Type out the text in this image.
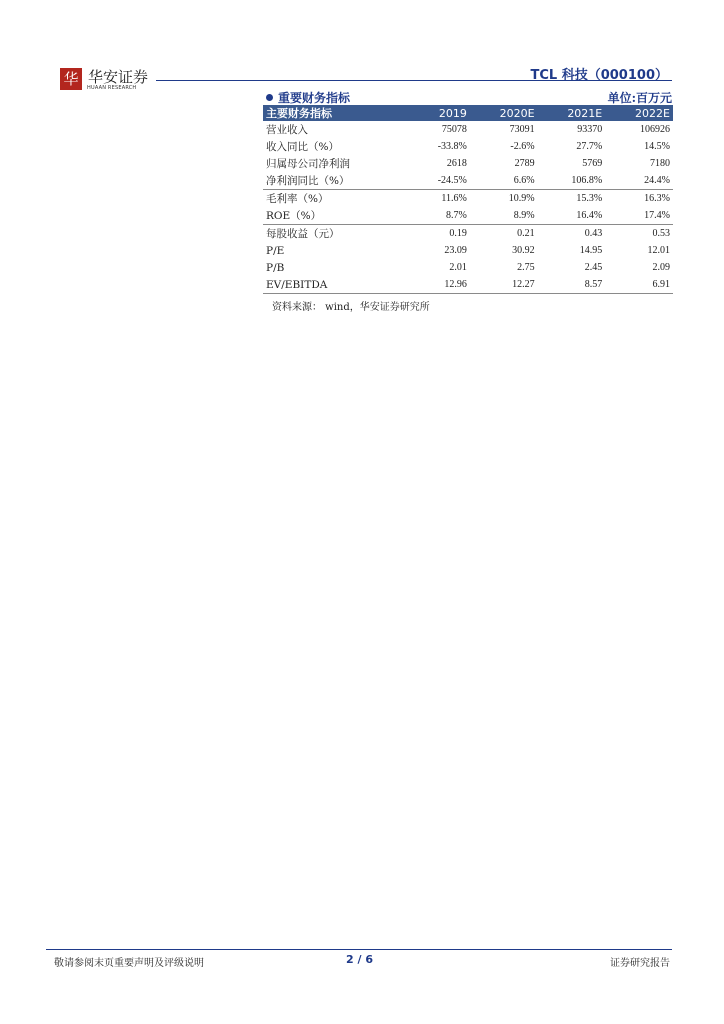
华 华安证券
HUAAN RESEARCH
TCL 科技（000100）
重要财务指标	单位:百万元
主要财务指标	2019	2020E	2021E	2022E
营业收入	75078	73091	93370	106926
收入同比（%）	-33.8%	-2.6%	27.7%	14.5%
归属母公司净利润	2618	2789	5769	7180
净利润同比（%）	-24.5%	6.6%	106.8%	24.4%
毛利率（%）	11.6%	10.9%	15.3%	16.3%
ROE（%）	8.7%	8.9%	16.4%	17.4%
每股收益（元）	0.19	0.21	0.43	0.53
P/E	23.09	30.92	14.95	12.01
P/B	2.01	2.75	2.45	2.09
EV/EBITDA	12.96	12.27	8.57	6.91
资料来源： wind，华安证券研究所
敬请参阅末页重要声明及评级说明	2 / 6	证券研究报告
